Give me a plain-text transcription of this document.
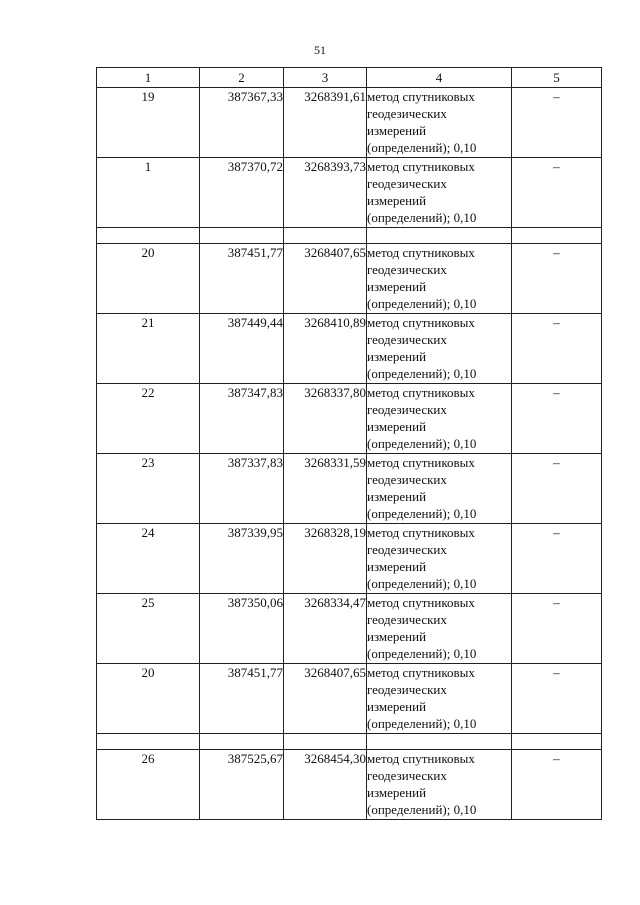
51
1	2	3	4	5
19	387367,33	3268391,61	метод спутниковых
геодезических
измерений
(определений); 0,10	–
1	387370,72	3268393,73	метод спутниковых
геодезических
измерений
(определений); 0,10	–

20	387451,77	3268407,65	метод спутниковых
геодезических
измерений
(определений); 0,10	–
21	387449,44	3268410,89	метод спутниковых
геодезических
измерений
(определений); 0,10	–
22	387347,83	3268337,80	метод спутниковых
геодезических
измерений
(определений); 0,10	–
23	387337,83	3268331,59	метод спутниковых
геодезических
измерений
(определений); 0,10	–
24	387339,95	3268328,19	метод спутниковых
геодезических
измерений
(определений); 0,10	–
25	387350,06	3268334,47	метод спутниковых
геодезических
измерений
(определений); 0,10	–
20	387451,77	3268407,65	метод спутниковых
геодезических
измерений
(определений); 0,10	–

26	387525,67	3268454,30	метод спутниковых
геодезических
измерений
(определений); 0,10	–
